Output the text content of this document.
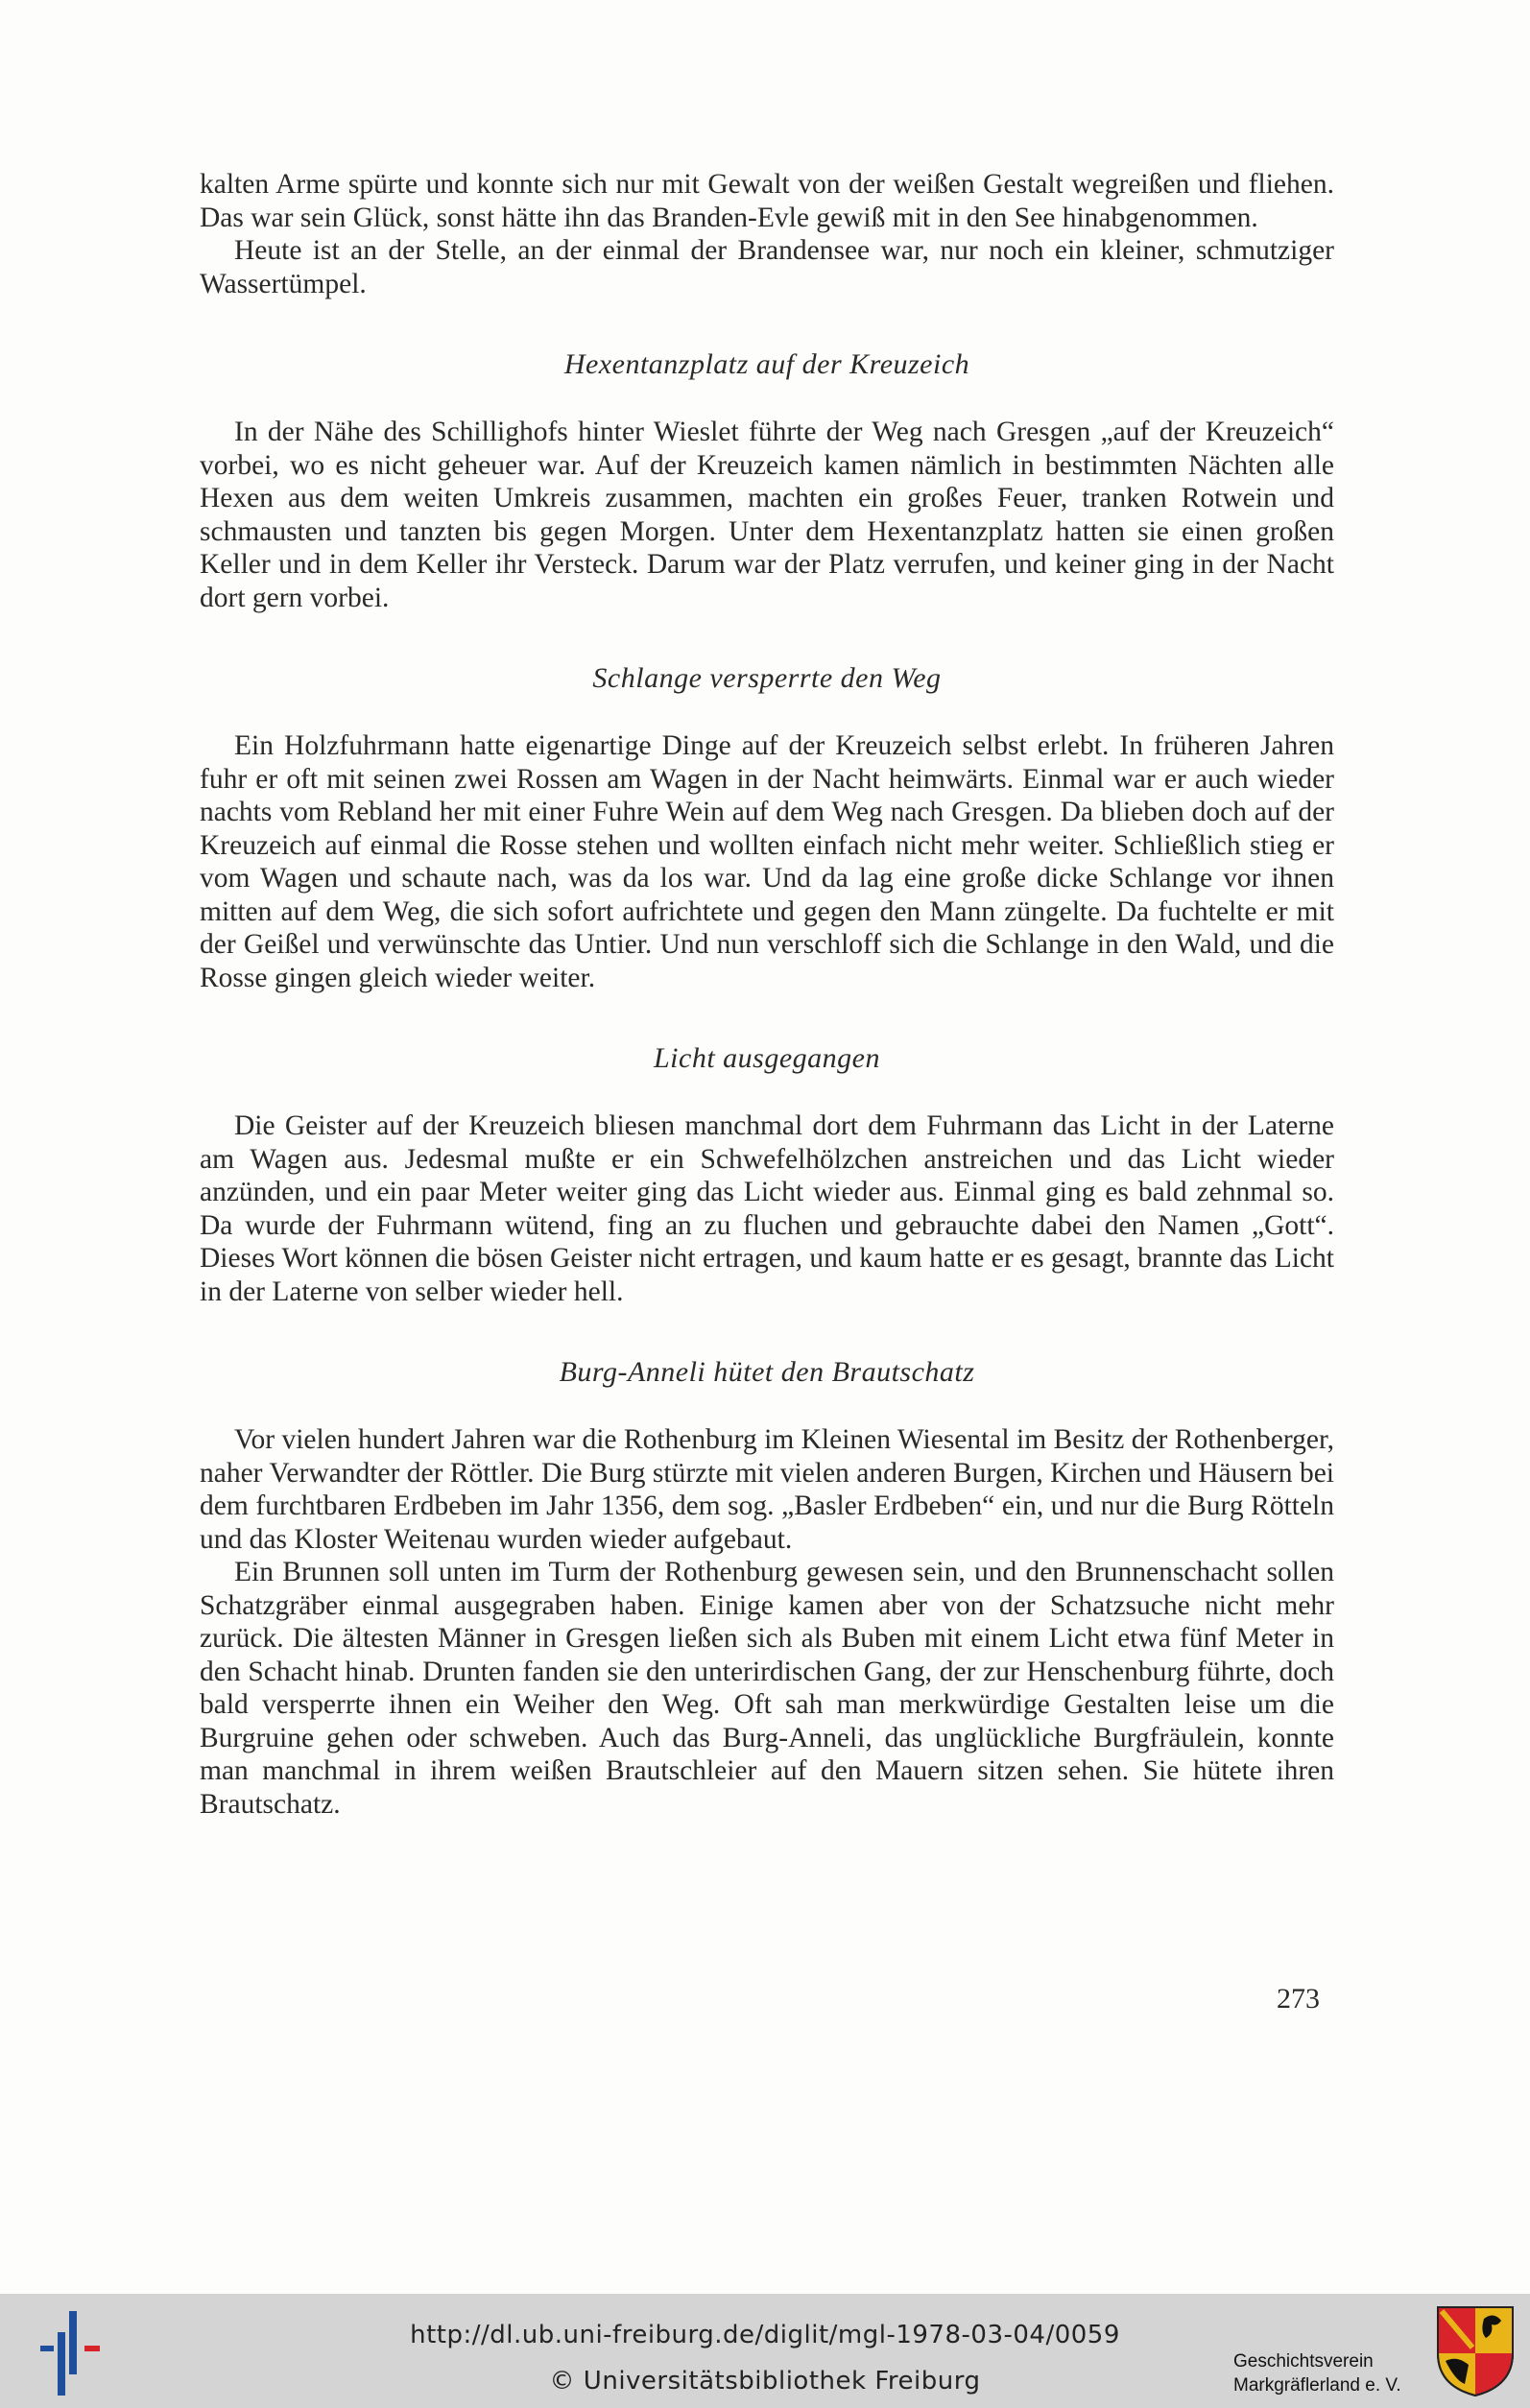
kalten Arme spürte und konnte sich nur mit Gewalt von der weißen Gestalt wegreißen und fliehen. Das war sein Glück, sonst hätte ihn das Branden-Evle gewiß mit in den See hinabgenommen.

Heute ist an der Stelle, an der einmal der Brandensee war, nur noch ein kleiner, schmutziger Wassertümpel.

Hexentanzplatz auf der Kreuzeich

In der Nähe des Schillighofs hinter Wieslet führte der Weg nach Gresgen „auf der Kreuzeich“ vorbei, wo es nicht geheuer war. Auf der Kreuzeich kamen nämlich in bestimmten Nächten alle Hexen aus dem weiten Umkreis zusammen, machten ein großes Feuer, tranken Rotwein und schmausten und tanzten bis gegen Morgen. Unter dem Hexentanzplatz hatten sie einen großen Keller und in dem Keller ihr Versteck. Darum war der Platz verrufen, und keiner ging in der Nacht dort gern vorbei.

Schlange versperrte den Weg

Ein Holzfuhrmann hatte eigenartige Dinge auf der Kreuzeich selbst erlebt. In früheren Jahren fuhr er oft mit seinen zwei Rossen am Wagen in der Nacht heimwärts. Einmal war er auch wieder nachts vom Rebland her mit einer Fuhre Wein auf dem Weg nach Gresgen. Da blieben doch auf der Kreuzeich auf einmal die Rosse stehen und wollten einfach nicht mehr weiter. Schließlich stieg er vom Wagen und schaute nach, was da los war. Und da lag eine große dicke Schlange vor ihnen mitten auf dem Weg, die sich sofort aufrichtete und gegen den Mann züngelte. Da fuchtelte er mit der Geißel und verwünschte das Untier. Und nun verschloff sich die Schlange in den Wald, und die Rosse gingen gleich wieder weiter.

Licht ausgegangen

Die Geister auf der Kreuzeich bliesen manchmal dort dem Fuhrmann das Licht in der Laterne am Wagen aus. Jedesmal mußte er ein Schwefelhölzchen anstreichen und das Licht wieder anzünden, und ein paar Meter weiter ging das Licht wieder aus. Einmal ging es bald zehnmal so. Da wurde der Fuhrmann wütend, fing an zu fluchen und gebrauchte dabei den Namen „Gott“. Dieses Wort können die bösen Geister nicht ertragen, und kaum hatte er es gesagt, brannte das Licht in der Laterne von selber wieder hell.

Burg-Anneli hütet den Brautschatz

Vor vielen hundert Jahren war die Rothenburg im Kleinen Wiesental im Besitz der Rothenberger, naher Verwandter der Röttler. Die Burg stürzte mit vielen anderen Burgen, Kirchen und Häusern bei dem furchtbaren Erdbeben im Jahr 1356, dem sog. „Basler Erdbeben“ ein, und nur die Burg Rötteln und das Kloster Weitenau wurden wieder aufgebaut.

Ein Brunnen soll unten im Turm der Rothenburg gewesen sein, und den Brunnenschacht sollen Schatzgräber einmal ausgegraben haben. Einige kamen aber von der Schatzsuche nicht mehr zurück. Die ältesten Männer in Gresgen ließen sich als Buben mit einem Licht etwa fünf Meter in den Schacht hinab. Drunten fanden sie den unterirdischen Gang, der zur Henschenburg führte, doch bald versperrte ihnen ein Weiher den Weg. Oft sah man merkwürdige Gestalten leise um die Burgruine gehen oder schweben. Auch das Burg-Anneli, das unglückliche Burgfräulein, konnte man manchmal in ihrem weißen Brautschleier auf den Mauern sitzen sehen. Sie hütete ihren Brautschatz.

273
http://dl.ub.uni-freiburg.de/diglit/mgl-1978-03-04/0059
© Universitätsbibliothek Freiburg
Geschichtsverein
Markgräflerland e. V.
